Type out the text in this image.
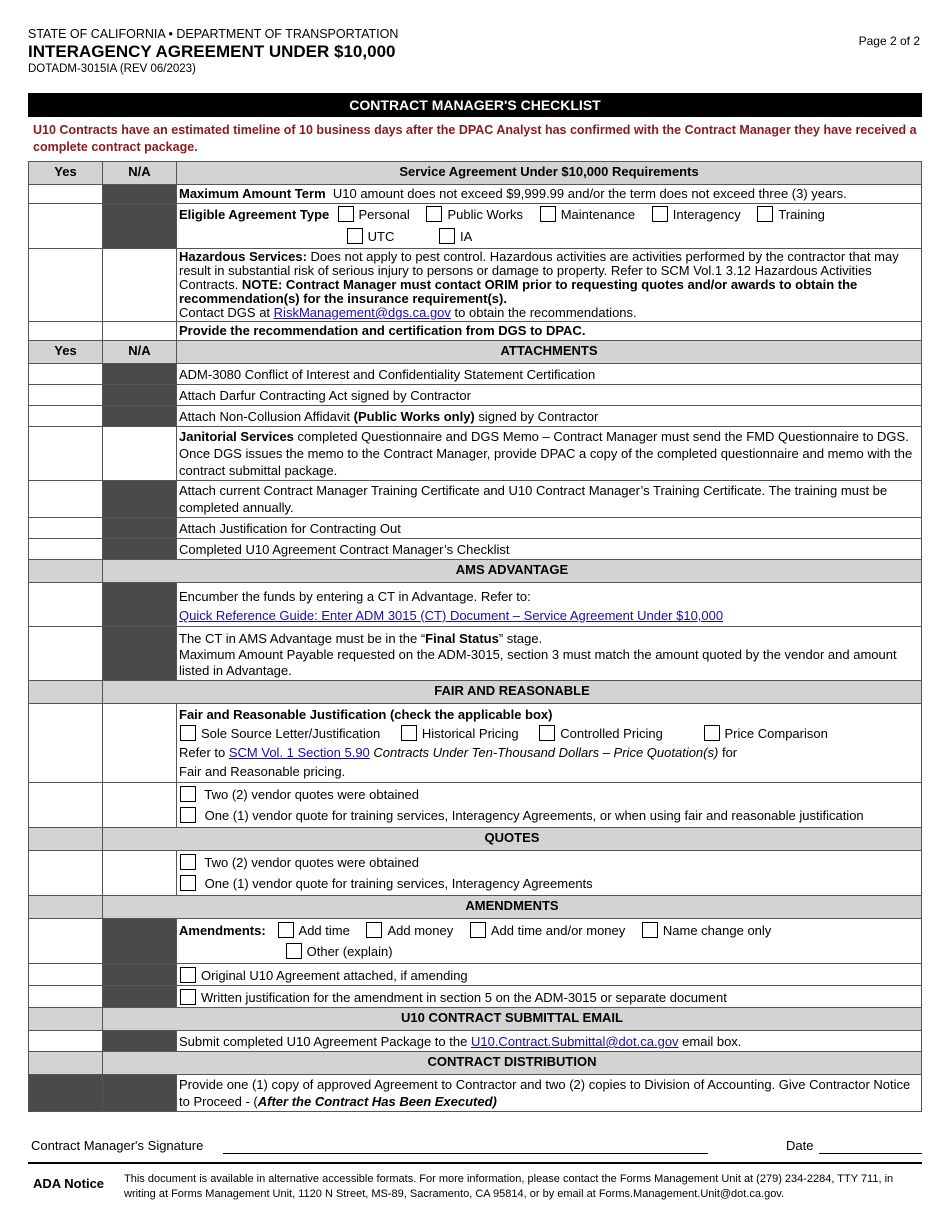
STATE OF CALIFORNIA • DEPARTMENT OF TRANSPORTATION
INTERAGENCY AGREEMENT UNDER $10,000
DOTADM-3015IA (REV 06/2023)
Page 2 of 2
CONTRACT MANAGER'S CHECKLIST
U10 Contracts have an estimated timeline of 10 business days after the DPAC Analyst has confirmed with the Contract Manager they have received a complete contract package.
Yes	N/A	Service Agreement Under $10,000 Requirements
		Maximum Amount Term U10 amount does not exceed $9,999.99 and/or the term does not exceed three (3) years.
		Eligible Agreement Type Personal Public Works Maintenance Interagency Training
UTC IA
		Hazardous Services: Does not apply to pest control. Hazardous activities are activities performed by the contractor that may result in substantial risk of serious injury to persons or damage to property. Refer to SCM Vol.1 3.12 Hazardous Activities Contracts. NOTE: Contract Manager must contact ORIM prior to requesting quotes and/or awards to obtain the recommendation(s) for the insurance requirement(s).
Contact DGS at RiskManagement@dgs.ca.gov to obtain the recommendations.
		Provide the recommendation and certification from DGS to DPAC.
Yes	N/A	ATTACHMENTS
		ADM-3080 Conflict of Interest and Confidentiality Statement Certification
		Attach Darfur Contracting Act signed by Contractor
		Attach Non-Collusion Affidavit (Public Works only) signed by Contractor
		Janitorial Services completed Questionnaire and DGS Memo – Contract Manager must send the FMD Questionnaire to DGS. Once DGS issues the memo to the Contract Manager, provide DPAC a copy of the completed questionnaire and memo with the contract submittal package.
		Attach current Contract Manager Training Certificate and U10 Contract Manager’s Training Certificate. The training must be completed annually.
		Attach Justification for Contracting Out
		Completed U10 Agreement Contract Manager’s Checklist
	AMS ADVANTAGE	
		Encumber the funds by entering a CT in Advantage. Refer to:
Quick Reference Guide: Enter ADM 3015 (CT) Document – Service Agreement Under $10,000
		The CT in AMS Advantage must be in the “Final Status” stage.
Maximum Amount Payable requested on the ADM-3015, section 3 must match the amount quoted by the vendor and amount listed in Advantage.
	FAIR AND REASONABLE	
		Fair and Reasonable Justification (check the applicable box)
Sole Source Letter/Justification Historical Pricing Controlled Pricing Price Comparison
Refer to SCM Vol. 1 Section 5.90 Contracts Under Ten-Thousand Dollars – Price Quotation(s) for
Fair and Reasonable pricing.
		Two (2) vendor quotes were obtained
One (1) vendor quote for training services, Interagency Agreements, or when using fair and reasonable justification
	QUOTES	
		Two (2) vendor quotes were obtained
One (1) vendor quote for training services, Interagency Agreements
	AMENDMENTS	
		Amendments: Add time Add money Add time and/or money Name change only
Other (explain)
		Original U10 Agreement attached, if amending
		Written justification for the amendment in section 5 on the ADM-3015 or separate document
	U10 CONTRACT SUBMITTAL EMAIL	
		Submit completed U10 Agreement Package to the U10.Contract.Submittal@dot.ca.gov email box.
	CONTRACT DISTRIBUTION	
		Provide one (1) copy of approved Agreement to Contractor and two (2) copies to Division of Accounting. Give Contractor Notice to Proceed - (After the Contract Has Been Executed)
Contract Manager's Signature	Date
ADA Notice This document is available in alternative accessible formats. For more information, please contact the Forms Management Unit at (279) 234-2284, TTY 711, in writing at Forms Management Unit, 1120 N Street, MS-89, Sacramento, CA 95814, or by email at Forms.Management.Unit@dot.ca.gov.
